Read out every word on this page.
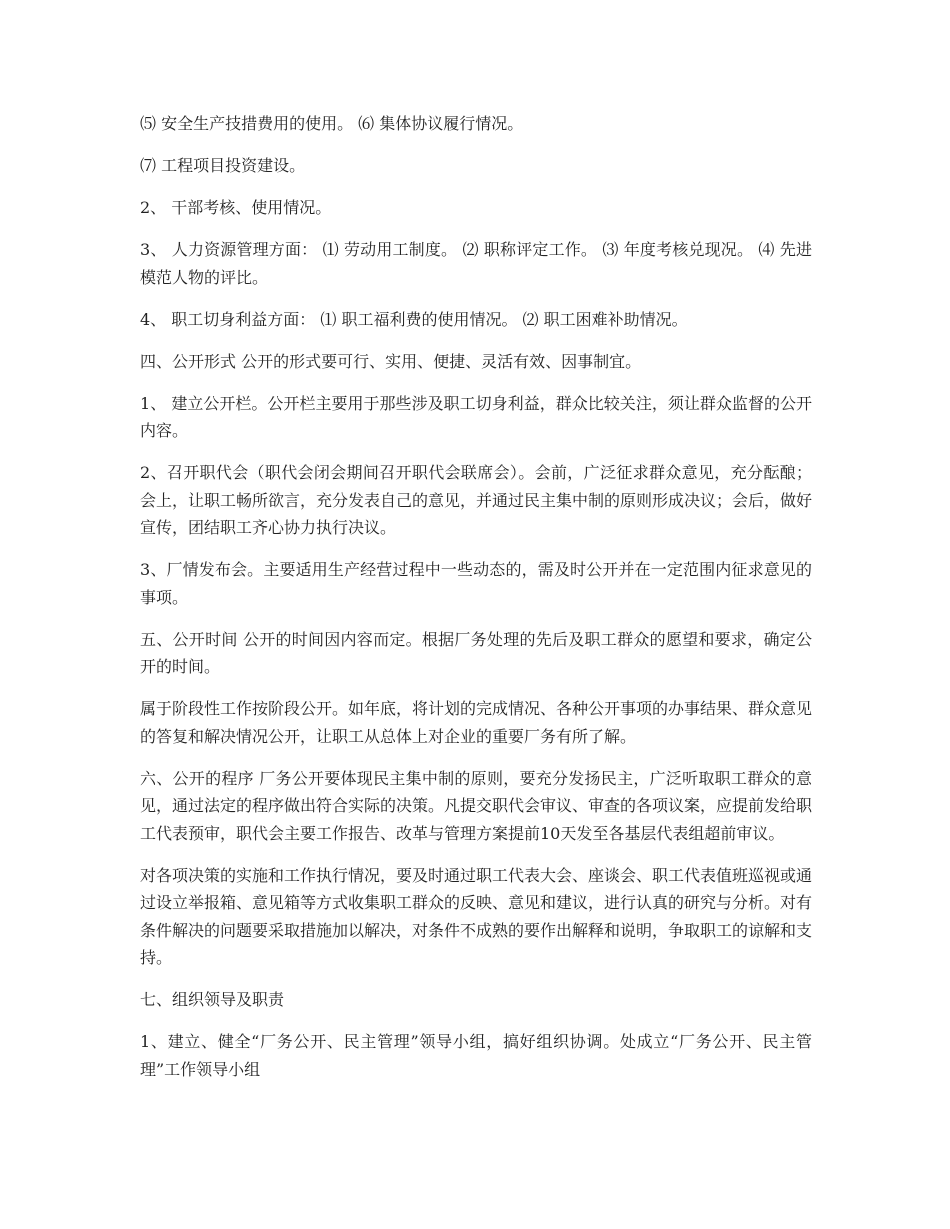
⑸ 安全生产技措费用的使用。 ⑹ 集体协议履行情况。

⑺ 工程项目投资建设。

2、 干部考核、使用情况。

3、 人力资源管理方面： ⑴ 劳动用工制度。 ⑵ 职称评定工作。 ⑶ 年度考核兑现况。 ⑷ 先进模范人物的评比。

4、 职工切身利益方面： ⑴ 职工福利费的使用情况。 ⑵ 职工困难补助情况。

四、公开形式 公开的形式要可行、实用、便捷、灵活有效、因事制宜。

1、 建立公开栏。公开栏主要用于那些涉及职工切身利益，群众比较关注，须让群众监督的公开内容。

2、召开职代会（职代会闭会期间召开职代会联席会）。会前，广泛征求群众意见，充分酝酿；会上，让职工畅所欲言，充分发表自己的意见，并通过民主集中制的原则形成决议；会后，做好宣传，团结职工齐心协力执行决议。

3、厂情发布会。主要适用生产经营过程中一些动态的，需及时公开并在一定范围内征求意见的事项。

五、公开时间 公开的时间因内容而定。根据厂务处理的先后及职工群众的愿望和要求，确定公开的时间。

属于阶段性工作按阶段公开。如年底，将计划的完成情况、各种公开事项的办事结果、群众意见的答复和解决情况公开，让职工从总体上对企业的重要厂务有所了解。

六、公开的程序 厂务公开要体现民主集中制的原则，要充分发扬民主，广泛听取职工群众的意见，通过法定的程序做出符合实际的决策。凡提交职代会审议、审查的各项议案，应提前发给职工代表预审，职代会主要工作报告、改革与管理方案提前10天发至各基层代表组超前审议。

对各项决策的实施和工作执行情况，要及时通过职工代表大会、座谈会、职工代表值班巡视或通过设立举报箱、意见箱等方式收集职工群众的反映、意见和建议，进行认真的研究与分析。对有条件解决的问题要采取措施加以解决，对条件不成熟的要作出解释和说明，争取职工的谅解和支持。

七、组织领导及职责

1、建立、健全“厂务公开、民主管理”领导小组，搞好组织协调。处成立“厂务公开、民主管理”工作领导小组
